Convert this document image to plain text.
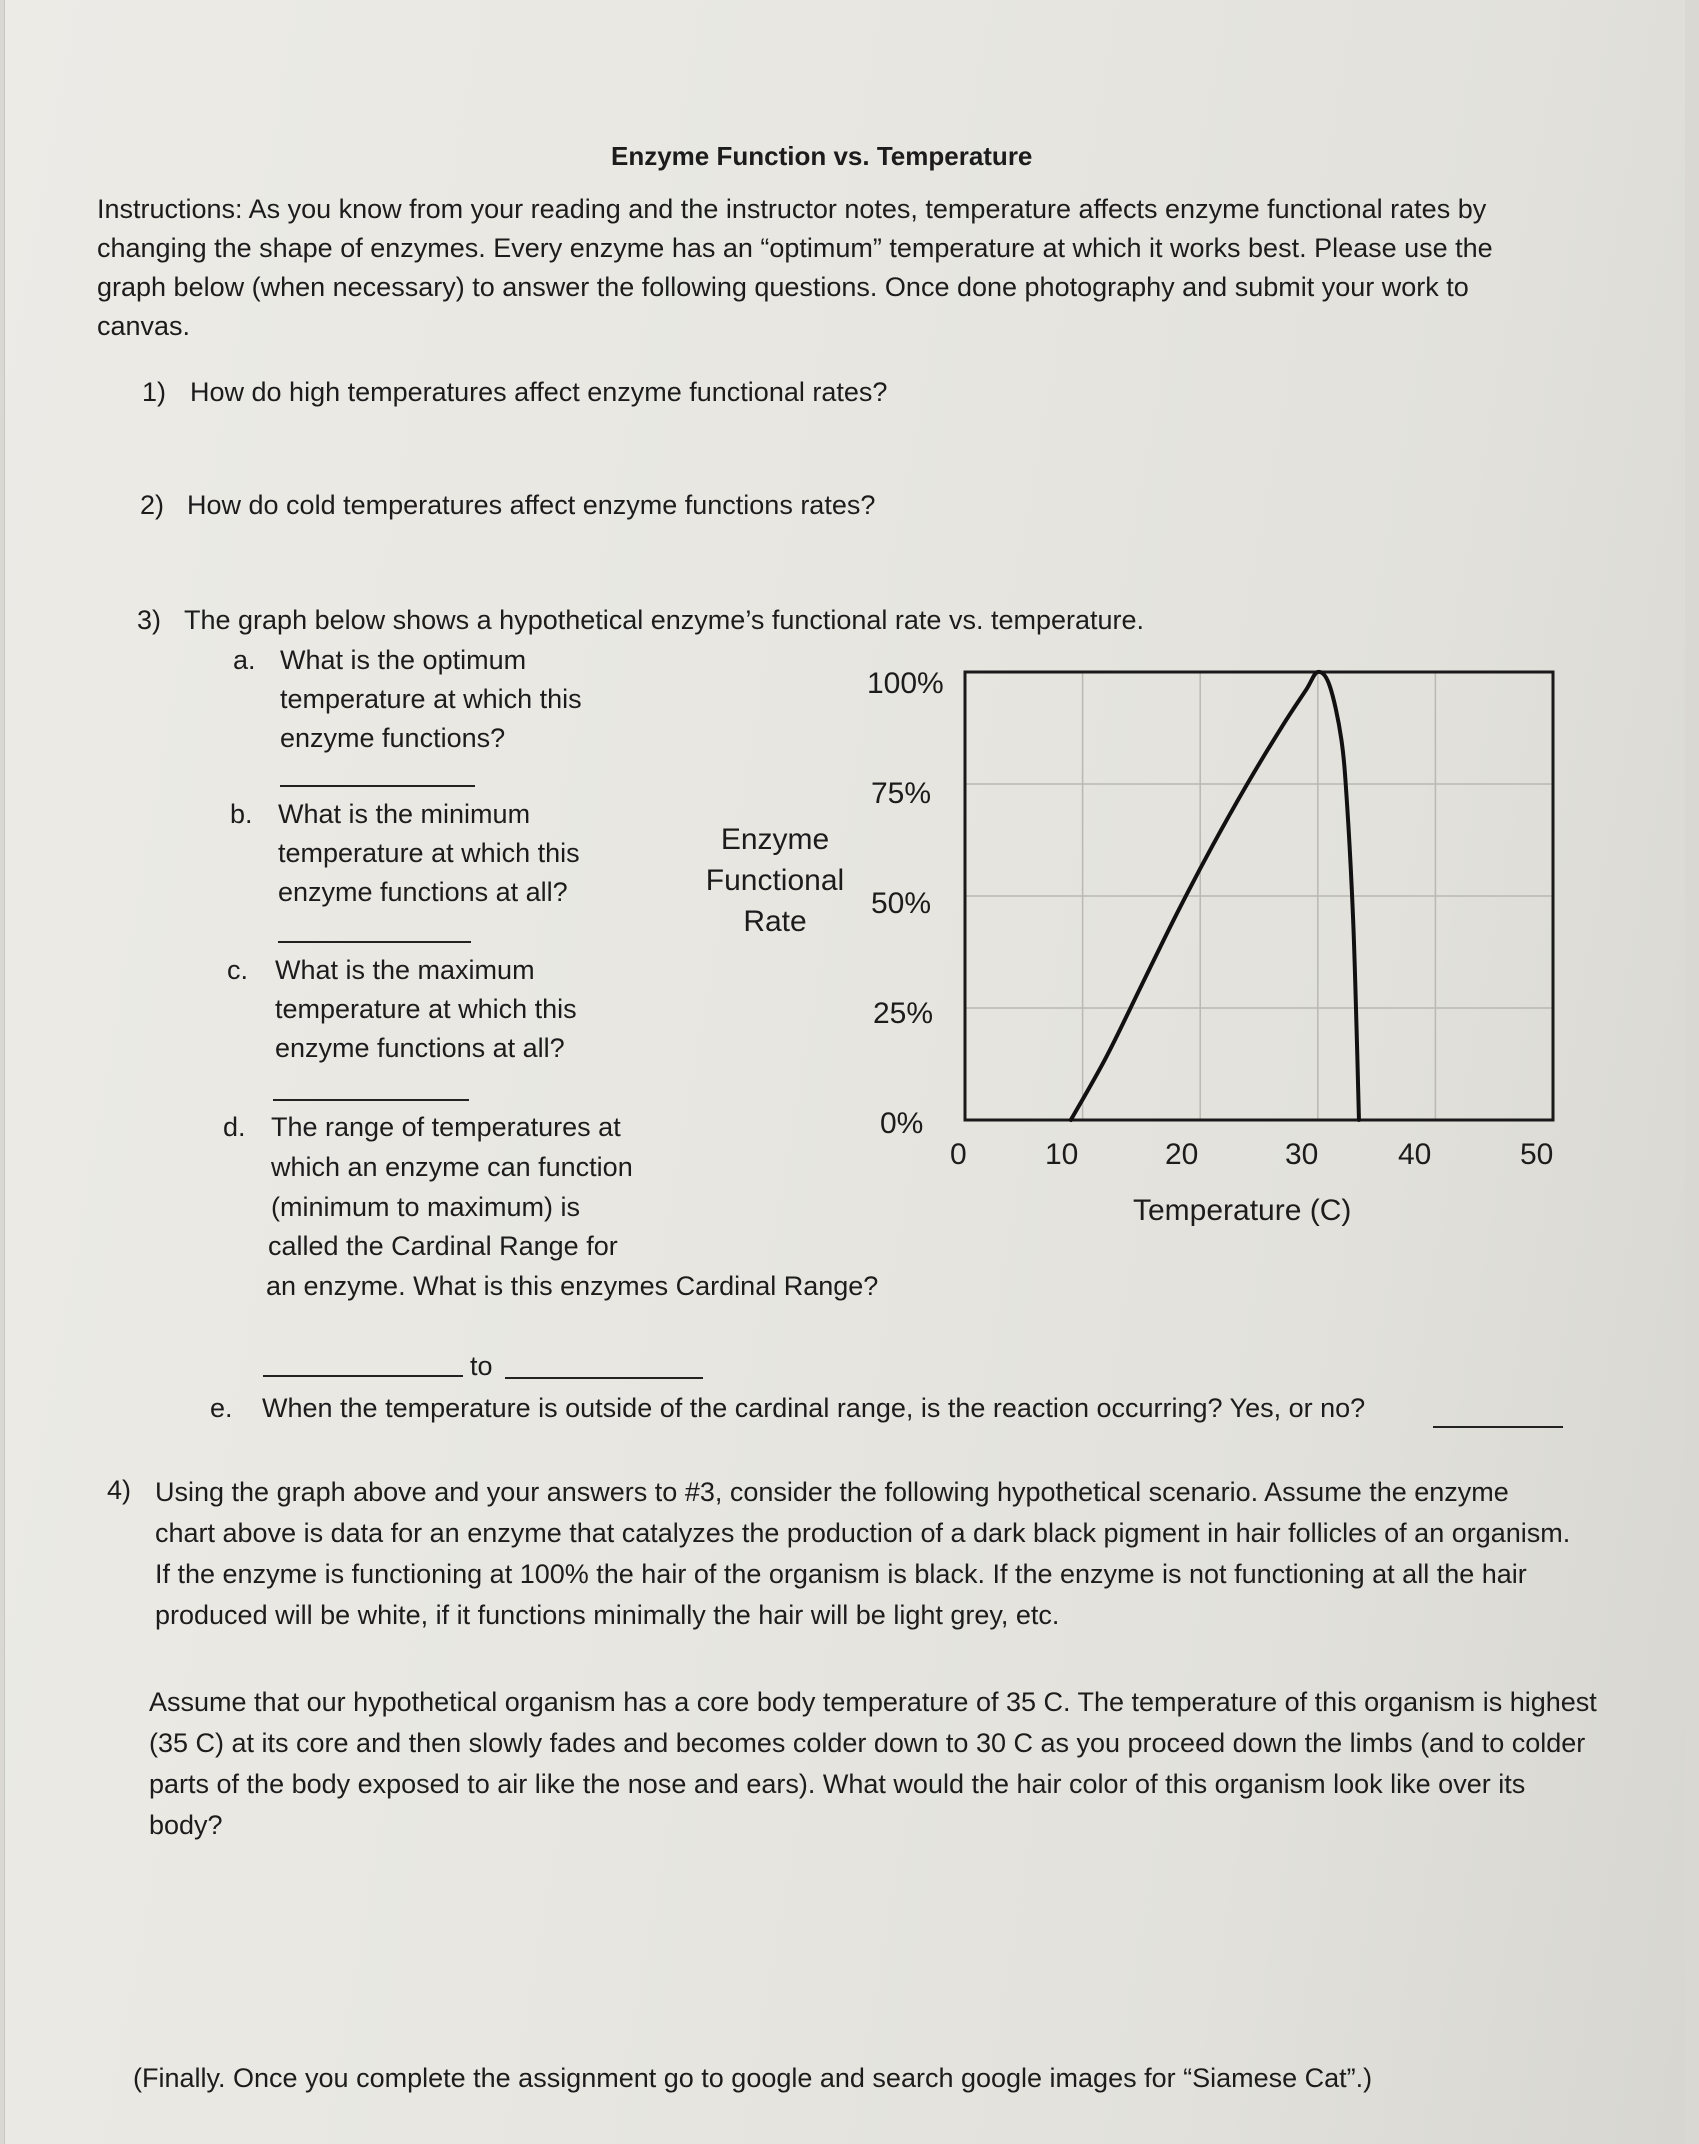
Enzyme Function vs. Temperature
Instructions: As you know from your reading and the instructor notes, temperature affects enzyme functional rates by changing the shape of enzymes. Every enzyme has an “optimum” temperature at which it works best. Please use the graph below (when necessary) to answer the following questions. Once done photography and submit your work to canvas.
1) How do high temperatures affect enzyme functional rates?
2) How do cold temperatures affect enzyme functions rates?
3) The graph below shows a hypothetical enzyme’s functional rate vs. temperature.
a. What is the optimum
temperature at which this
enzyme functions?
b. What is the minimum
temperature at which this
enzyme functions at all?
c. What is the maximum
temperature at which this
enzyme functions at all?
d. The range of temperatures at
which an enzyme can function
(minimum to maximum) is
called the Cardinal Range for
an enzyme. What is this enzymes Cardinal Range?
to
e. When the temperature is outside of the cardinal range, is the reaction occurring? Yes, or no?
Enzyme
Functional
Rate
100%
75%
50%
25%
0%
0	10	20	30	40	50
Temperature (C)
4) Using the graph above and your answers to #3, consider the following hypothetical scenario. Assume the enzyme chart above is data for an enzyme that catalyzes the production of a dark black pigment in hair follicles of an organism. If the enzyme is functioning at 100% the hair of the organism is black. If the enzyme is not functioning at all the hair produced will be white, if it functions minimally the hair will be light grey, etc.
Assume that our hypothetical organism has a core body temperature of 35 C. The temperature of this organism is highest (35 C) at its core and then slowly fades and becomes colder down to 30 C as you proceed down the limbs (and to colder parts of the body exposed to air like the nose and ears). What would the hair color of this organism look like over its body?
(Finally. Once you complete the assignment go to google and search google images for “Siamese Cat”.)
